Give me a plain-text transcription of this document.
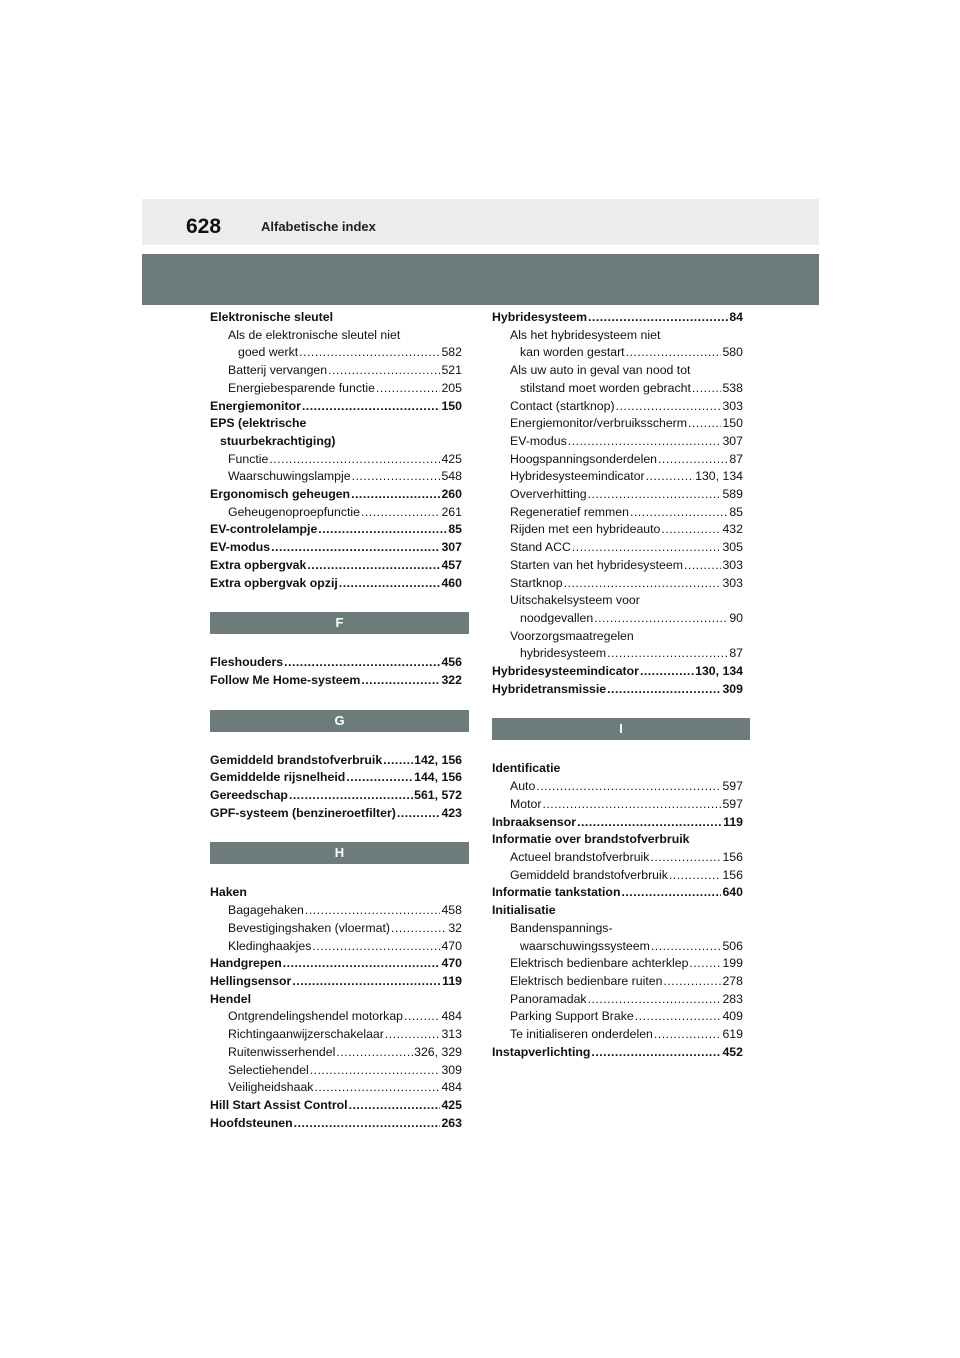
628	Alfabetische index
Elektronische sleutel
Als de elektronische sleutel niet
goed werkt .....	582
Batterij vervangen .....	521
Energiebesparende functie .....	205
Energiemonitor .....	150
EPS (elektrische
stuurbekrachtiging)
Functie .....	425
Waarschuwingslampje .....	548
Ergonomisch geheugen .....	260
Geheugenoproepfunctie .....	261
EV-controlelampje .....	85
EV-modus .....	307
Extra opbergvak .....	457
Extra opbergvak opzij .....	460
F
Fleshouders .....	456
Follow Me Home-systeem .....	322
G
Gemiddeld brandstofverbruik .....	142, 156
Gemiddelde rijsnelheid .....	144, 156
Gereedschap .....	561, 572
GPF-systeem (benzineroetfilter) .....	423
H
Haken
Bagagehaken .....	458
Bevestigingshaken (vloermat) .....	32
Kledinghaakjes .....	470
Handgrepen .....	470
Hellingsensor .....	119
Hendel
Ontgrendelingshendel motorkap .....	484
Richtingaanwijzerschakelaar .....	313
Ruitenwisserhendel .....	326, 329
Selectiehendel .....	309
Veiligheidshaak .....	484
Hill Start Assist Control .....	425
Hoofdsteunen .....	263
Hybridesysteem .....	84
Als het hybridesysteem niet
kan worden gestart .....	580
Als uw auto in geval van nood tot
stilstand moet worden gebracht .....	538
Contact (startknop) .....	303
Energiemonitor/verbruiksscherm .....	150
EV-modus .....	307
Hoogspanningsonderdelen .....	87
Hybridesysteemindicator .....	130, 134
Oververhitting .....	589
Regeneratief remmen .....	85
Rijden met een hybrideauto .....	432
Stand ACC .....	305
Starten van het hybridesysteem .....	303
Startknop .....	303
Uitschakelsysteem voor
noodgevallen .....	90
Voorzorgsmaatregelen
hybridesysteem .....	87
Hybridesysteemindicator .....	130, 134
Hybridetransmissie .....	309
I
Identificatie
Auto .....	597
Motor .....	597
Inbraaksensor .....	119
Informatie over brandstofverbruik
Actueel brandstofverbruik .....	156
Gemiddeld brandstofverbruik .....	156
Informatie tankstation .....	640
Initialisatie
Bandenspannings-
waarschuwingssysteem .....	506
Elektrisch bedienbare achterklep .....	199
Elektrisch bedienbare ruiten .....	278
Panoramadak .....	283
Parking Support Brake .....	409
Te initialiseren onderdelen .....	619
Instapverlichting .....	452
